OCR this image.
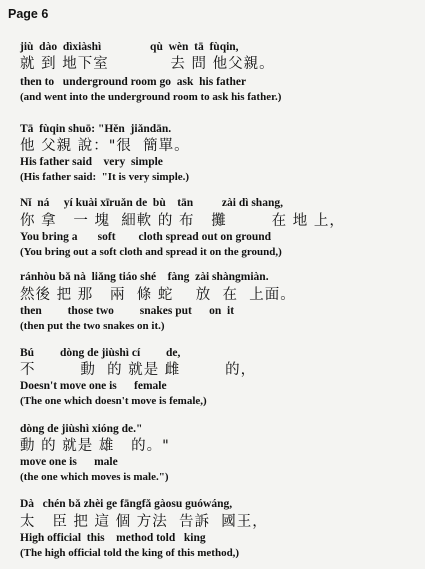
Page 6
jiù  dào  dìxiàshì                 qù  wèn  tā  fùqin,
就 到 地下室           去 問 他父親。
then to   underground room go  ask  his father
(and went into the underground room to ask his father.)
Tā  fùqin shuō: "Hěn  jiǎndān.
他 父親 說："很  簡單。
His father said    very  simple
(His father said:  "It is very simple.)
Nǐ  ná     yí kuài xīruǎn de  bù    tān          zài dì shang,
你 拿   一 塊  細軟 的 布   攤        在 地 上，
You bring a       soft        cloth spread out on ground
(You bring out a soft cloth and spread it on the ground,)
ránhòu bǎ nà  liǎng tiáo shé    fàng  zài shàngmiàn.
然後 把 那   兩  條 蛇    放  在  上面。
then         those two         snakes put      on  it
(then put the two snakes on it.)
Bú         dòng de jiùshì cí         de,
不        動  的 就是 雌        的，
Doesn't move one is      female
(The one which doesn't move is female,)
dòng de jiùshì xióng de."
動 的 就是 雄   的。"
move one is      male
(the one which moves is male.")
Dà   chén bǎ zhèi ge fāngfǎ gàosu guówáng,
太   臣 把 這 個 方法  告訴  國王，
High official  this    method told   king
(The high official told the king of this method,)
